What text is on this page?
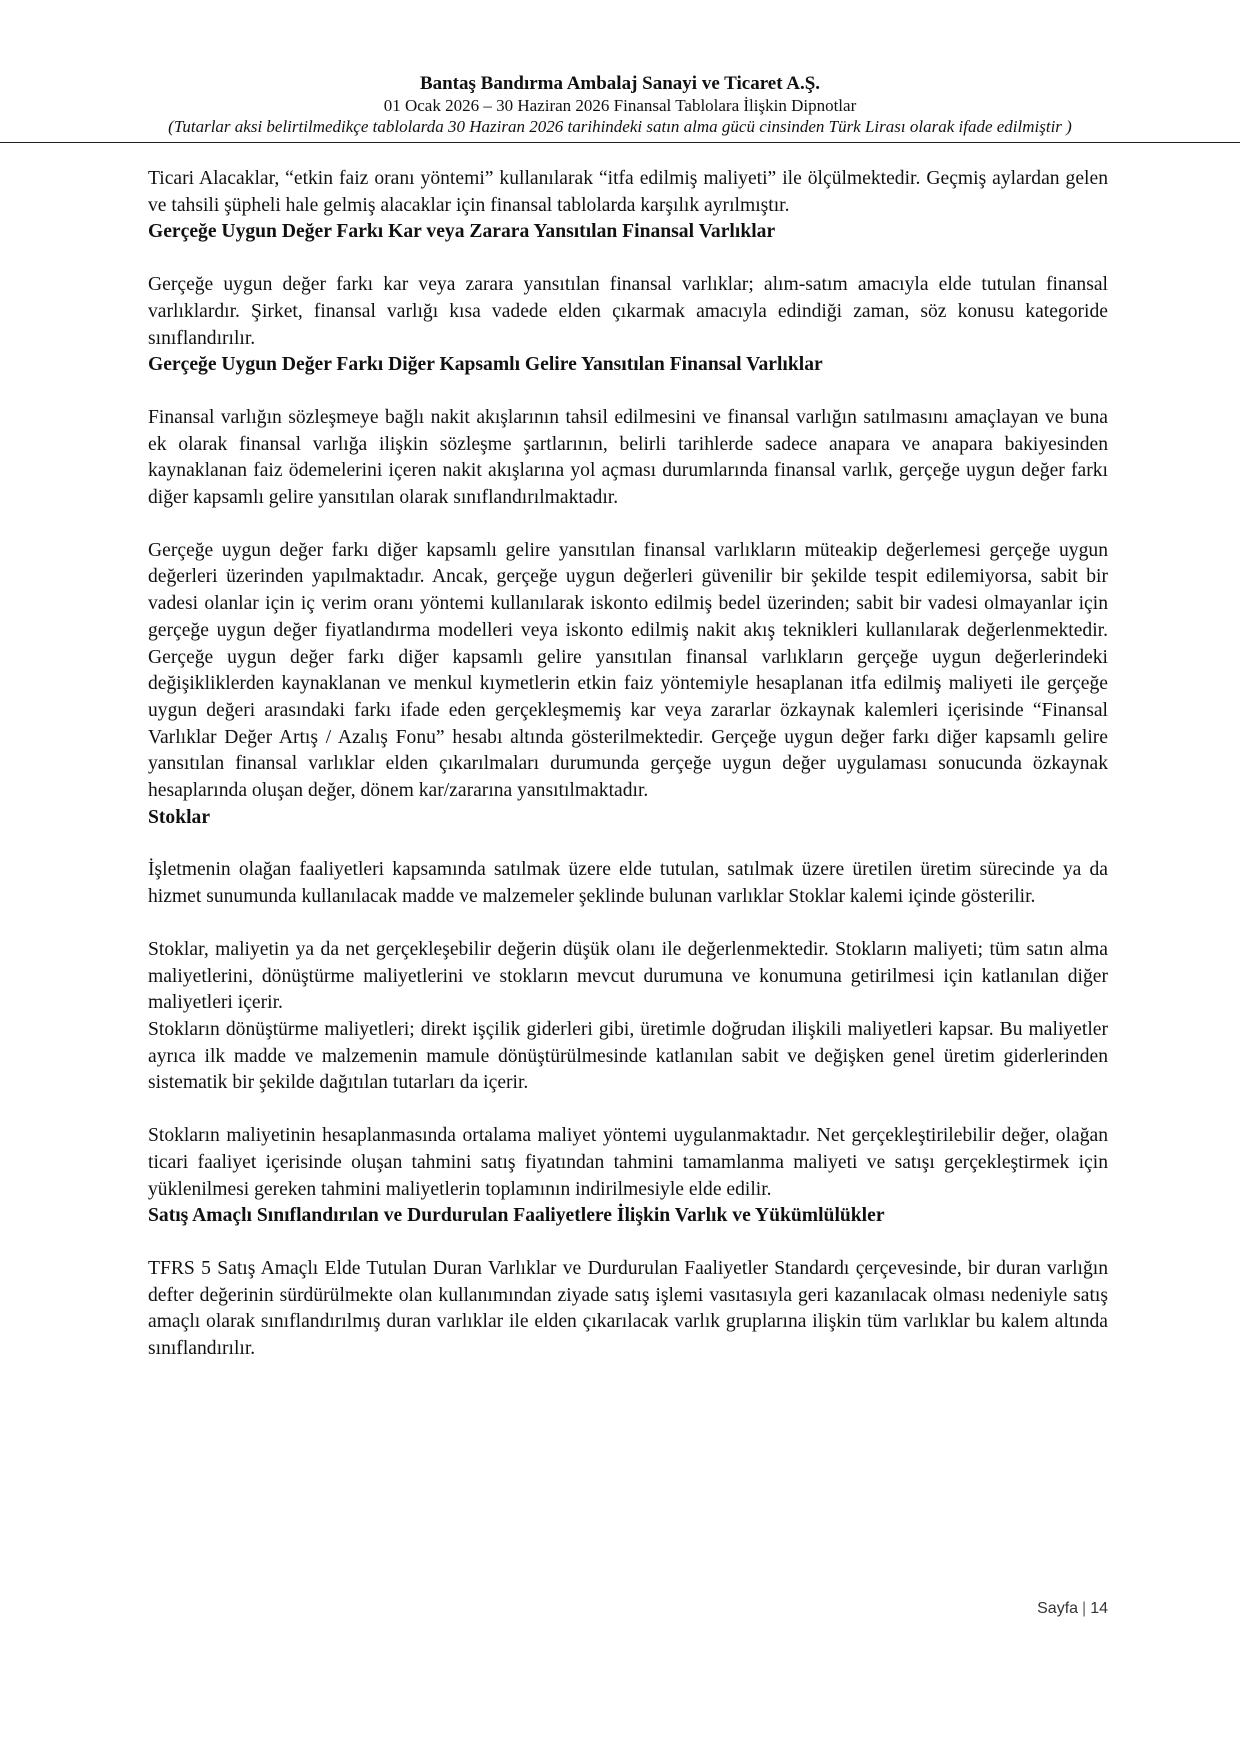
Bantaş Bandırma Ambalaj Sanayi ve Ticaret A.Ş.
01 Ocak 2026 – 30 Haziran 2026 Finansal Tablolara İlişkin Dipnotlar
(Tutarlar aksi belirtilmedikçe tablolarda 30 Haziran 2026 tarihindeki satın alma gücü cinsinden Türk Lirası olarak ifade edilmiştir )

Ticari Alacaklar, “etkin faiz oranı yöntemi” kullanılarak “itfa edilmiş maliyeti” ile ölçülmektedir. Geçmiş aylardan gelen ve tahsili şüpheli hale gelmiş alacaklar için finansal tablolarda karşılık ayrılmıştır.

Gerçeğe Uygun Değer Farkı Kar veya Zarara Yansıtılan Finansal Varlıklar

Gerçeğe uygun değer farkı kar veya zarara yansıtılan finansal varlıklar; alım-satım amacıyla elde tutulan finansal varlıklardır. Şirket, finansal varlığı kısa vadede elden çıkarmak amacıyla edindiği zaman, söz konusu kategoride sınıflandırılır.

Gerçeğe Uygun Değer Farkı Diğer Kapsamlı Gelire Yansıtılan Finansal Varlıklar

Finansal varlığın sözleşmeye bağlı nakit akışlarının tahsil edilmesini ve finansal varlığın satılmasını amaçlayan ve buna ek olarak finansal varlığa ilişkin sözleşme şartlarının, belirli tarihlerde sadece anapara ve anapara bakiyesinden kaynaklanan faiz ödemelerini içeren nakit akışlarına yol açması durumlarında finansal varlık, gerçeğe uygun değer farkı diğer kapsamlı gelire yansıtılan olarak sınıflandırılmaktadır.

Gerçeğe uygun değer farkı diğer kapsamlı gelire yansıtılan finansal varlıkların müteakip değerlemesi gerçeğe uygun değerleri üzerinden yapılmaktadır. Ancak, gerçeğe uygun değerleri güvenilir bir şekilde tespit edilemiyorsa, sabit bir vadesi olanlar için iç verim oranı yöntemi kullanılarak iskonto edilmiş bedel üzerinden; sabit bir vadesi olmayanlar için gerçeğe uygun değer fiyatlandırma modelleri veya iskonto edilmiş nakit akış teknikleri kullanılarak değerlenmektedir. Gerçeğe uygun değer farkı diğer kapsamlı gelire yansıtılan finansal varlıkların gerçeğe uygun değerlerindeki değişikliklerden kaynaklanan ve menkul kıymetlerin etkin faiz yöntemiyle hesaplanan itfa edilmiş maliyeti ile gerçeğe uygun değeri arasındaki farkı ifade eden gerçekleşmemiş kar veya zararlar özkaynak kalemleri içerisinde “Finansal Varlıklar Değer Artış / Azalış Fonu” hesabı altında gösterilmektedir. Gerçeğe uygun değer farkı diğer kapsamlı gelire yansıtılan finansal varlıklar elden çıkarılmaları durumunda gerçeğe uygun değer uygulaması sonucunda özkaynak hesaplarında oluşan değer, dönem kar/zararına yansıtılmaktadır.

Stoklar

İşletmenin olağan faaliyetleri kapsamında satılmak üzere elde tutulan, satılmak üzere üretilen üretim sürecinde ya da hizmet sunumunda kullanılacak madde ve malzemeler şeklinde bulunan varlıklar Stoklar kalemi içinde gösterilir.

Stoklar, maliyetin ya da net gerçekleşebilir değerin düşük olanı ile değerlenmektedir. Stokların maliyeti; tüm satın alma maliyetlerini, dönüştürme maliyetlerini ve stokların mevcut durumuna ve konumuna getirilmesi için katlanılan diğer maliyetleri içerir.

Stokların dönüştürme maliyetleri; direkt işçilik giderleri gibi, üretimle doğrudan ilişkili maliyetleri kapsar. Bu maliyetler ayrıca ilk madde ve malzemenin mamule dönüştürülmesinde katlanılan sabit ve değişken genel üretim giderlerinden sistematik bir şekilde dağıtılan tutarları da içerir.

Stokların maliyetinin hesaplanmasında ortalama maliyet yöntemi uygulanmaktadır. Net gerçekleştirilebilir değer, olağan ticari faaliyet içerisinde oluşan tahmini satış fiyatından tahmini tamamlanma maliyeti ve satışı gerçekleştirmek için yüklenilmesi gereken tahmini maliyetlerin toplamının indirilmesiyle elde edilir.

Satış Amaçlı Sınıflandırılan ve Durdurulan Faaliyetlere İlişkin Varlık ve Yükümlülükler

TFRS 5 Satış Amaçlı Elde Tutulan Duran Varlıklar ve Durdurulan Faaliyetler Standardı çerçevesinde, bir duran varlığın defter değerinin sürdürülmekte olan kullanımından ziyade satış işlemi vasıtasıyla geri kazanılacak olması nedeniyle satış amaçlı olarak sınıflandırılmış duran varlıklar ile elden çıkarılacak varlık gruplarına ilişkin tüm varlıklar bu kalem altında sınıflandırılır.

Sayfa | 14
